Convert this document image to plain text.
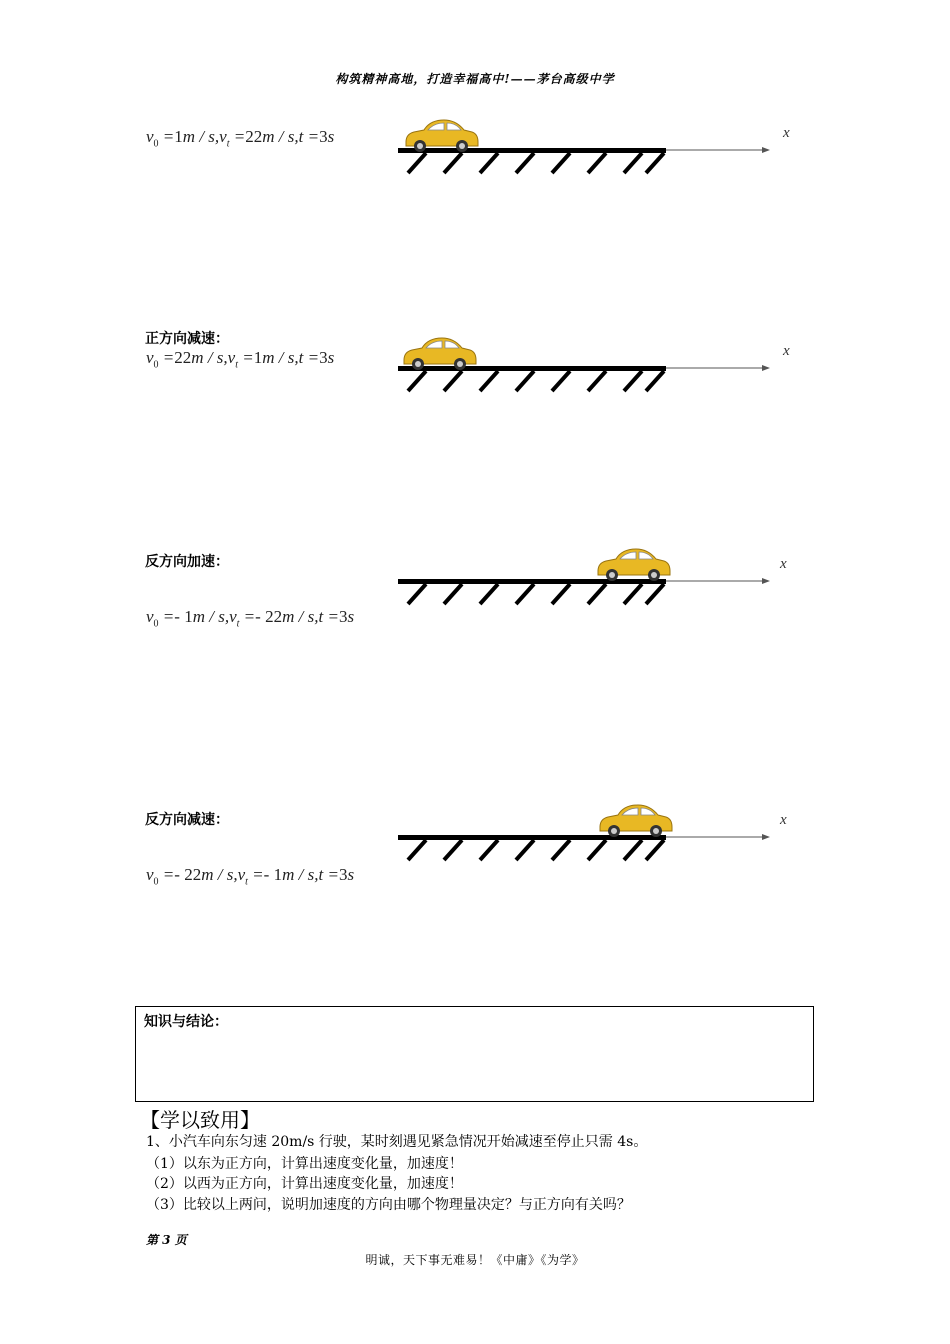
构筑精神高地，打造幸福高中!——茅台高级中学
$v_0 =1m / s,v_t =22m / s,t =3s$	x
正方向减速：
$v_0 =22m / s,v_t =1m / s,t =3s$	x
反方向加速：	x
$v_0 =- 1m / s,v_t =- 22m / s,t =3s$
反方向减速：	x
$v_0 =- 22m / s,v_t =- 1m / s,t =3s$
知识与结论：
【学以致用】
1、小汽车向东匀速 20m/s 行驶，某时刻遇见紧急情况开始减速至停止只需 4s。
（1）以东为正方向，计算出速度变化量，加速度！
（2）以西为正方向，计算出速度变化量，加速度！
（3）比较以上两问，说明加速度的方向由哪个物理量决定？与正方向有关吗？
第 3 页
明诚，天下事无难易！《中庸》《为学》
